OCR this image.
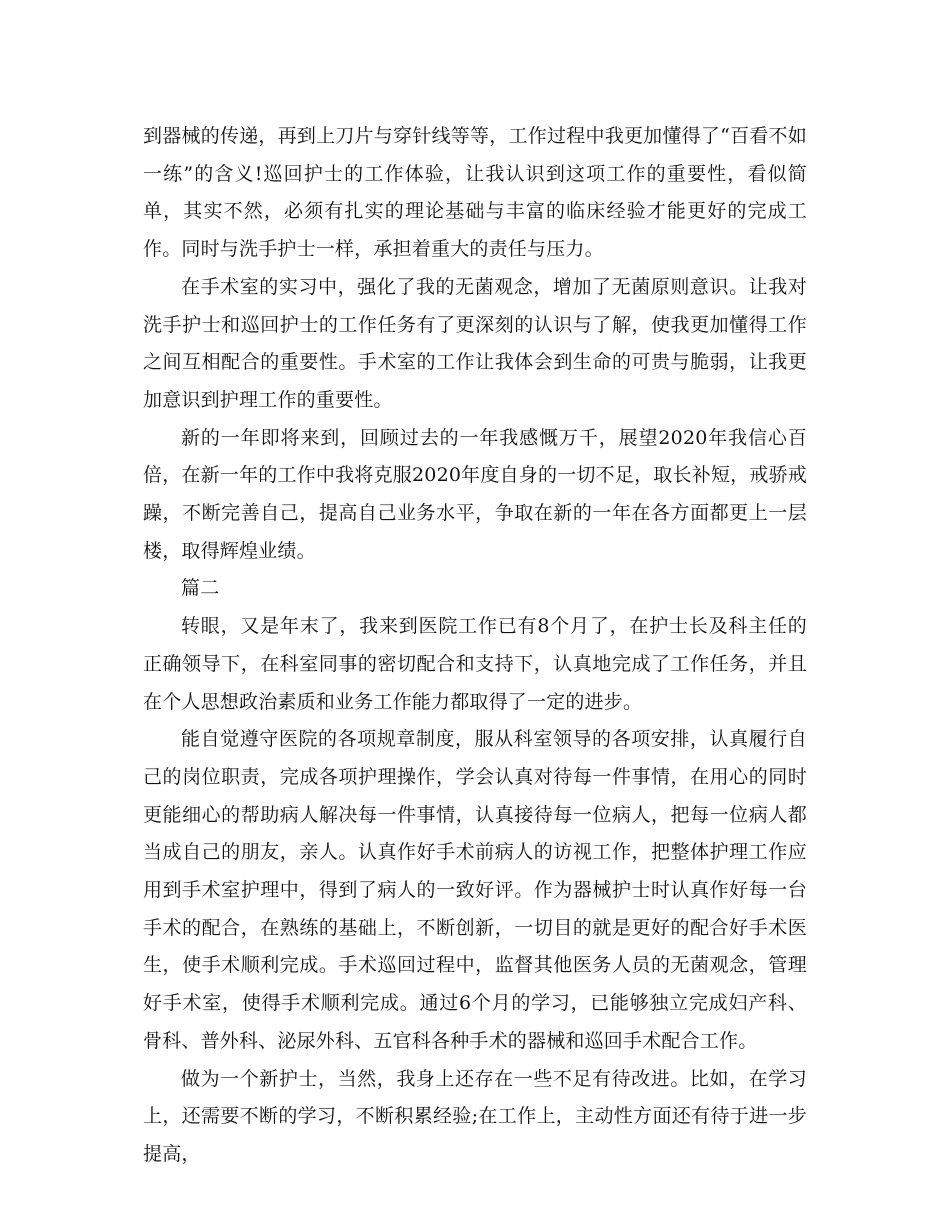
到器械的传递，再到上刀片与穿针线等等，工作过程中我更加懂得了“百看不如一练”的含义!巡回护士的工作体验，让我认识到这项工作的重要性，看似简单，其实不然，必须有扎实的理论基础与丰富的临床经验才能更好的完成工作。同时与洗手护士一样，承担着重大的责任与压力。

在手术室的实习中，强化了我的无菌观念，增加了无菌原则意识。让我对洗手护士和巡回护士的工作任务有了更深刻的认识与了解，使我更加懂得工作之间互相配合的重要性。手术室的工作让我体会到生命的可贵与脆弱，让我更加意识到护理工作的重要性。

新的一年即将来到，回顾过去的一年我感慨万千，展望2020年我信心百倍，在新一年的工作中我将克服2020年度自身的一切不足，取长补短，戒骄戒躁，不断完善自己，提高自己业务水平，争取在新的一年在各方面都更上一层楼，取得辉煌业绩。

篇二

转眼，又是年末了，我来到医院工作已有8个月了，在护士长及科主任的正确领导下，在科室同事的密切配合和支持下，认真地完成了工作任务，并且在个人思想政治素质和业务工作能力都取得了一定的进步。

能自觉遵守医院的各项规章制度，服从科室领导的各项安排，认真履行自己的岗位职责，完成各项护理操作，学会认真对待每一件事情，在用心的同时更能细心的帮助病人解决每一件事情，认真接待每一位病人，把每一位病人都当成自己的朋友，亲人。认真作好手术前病人的访视工作，把整体护理工作应用到手术室护理中，得到了病人的一致好评。作为器械护士时认真作好每一台手术的配合，在熟练的基础上，不断创新，一切目的就是更好的配合好手术医生，使手术顺利完成。手术巡回过程中，监督其他医务人员的无菌观念，管理好手术室，使得手术顺利完成。通过6个月的学习，已能够独立完成妇产科、骨科、普外科、泌尿外科、五官科各种手术的器械和巡回手术配合工作。

做为一个新护士，当然，我身上还存在一些不足有待改进。比如，在学习上，还需要不断的学习，不断积累经验;在工作上，主动性方面还有待于进一步提高，
